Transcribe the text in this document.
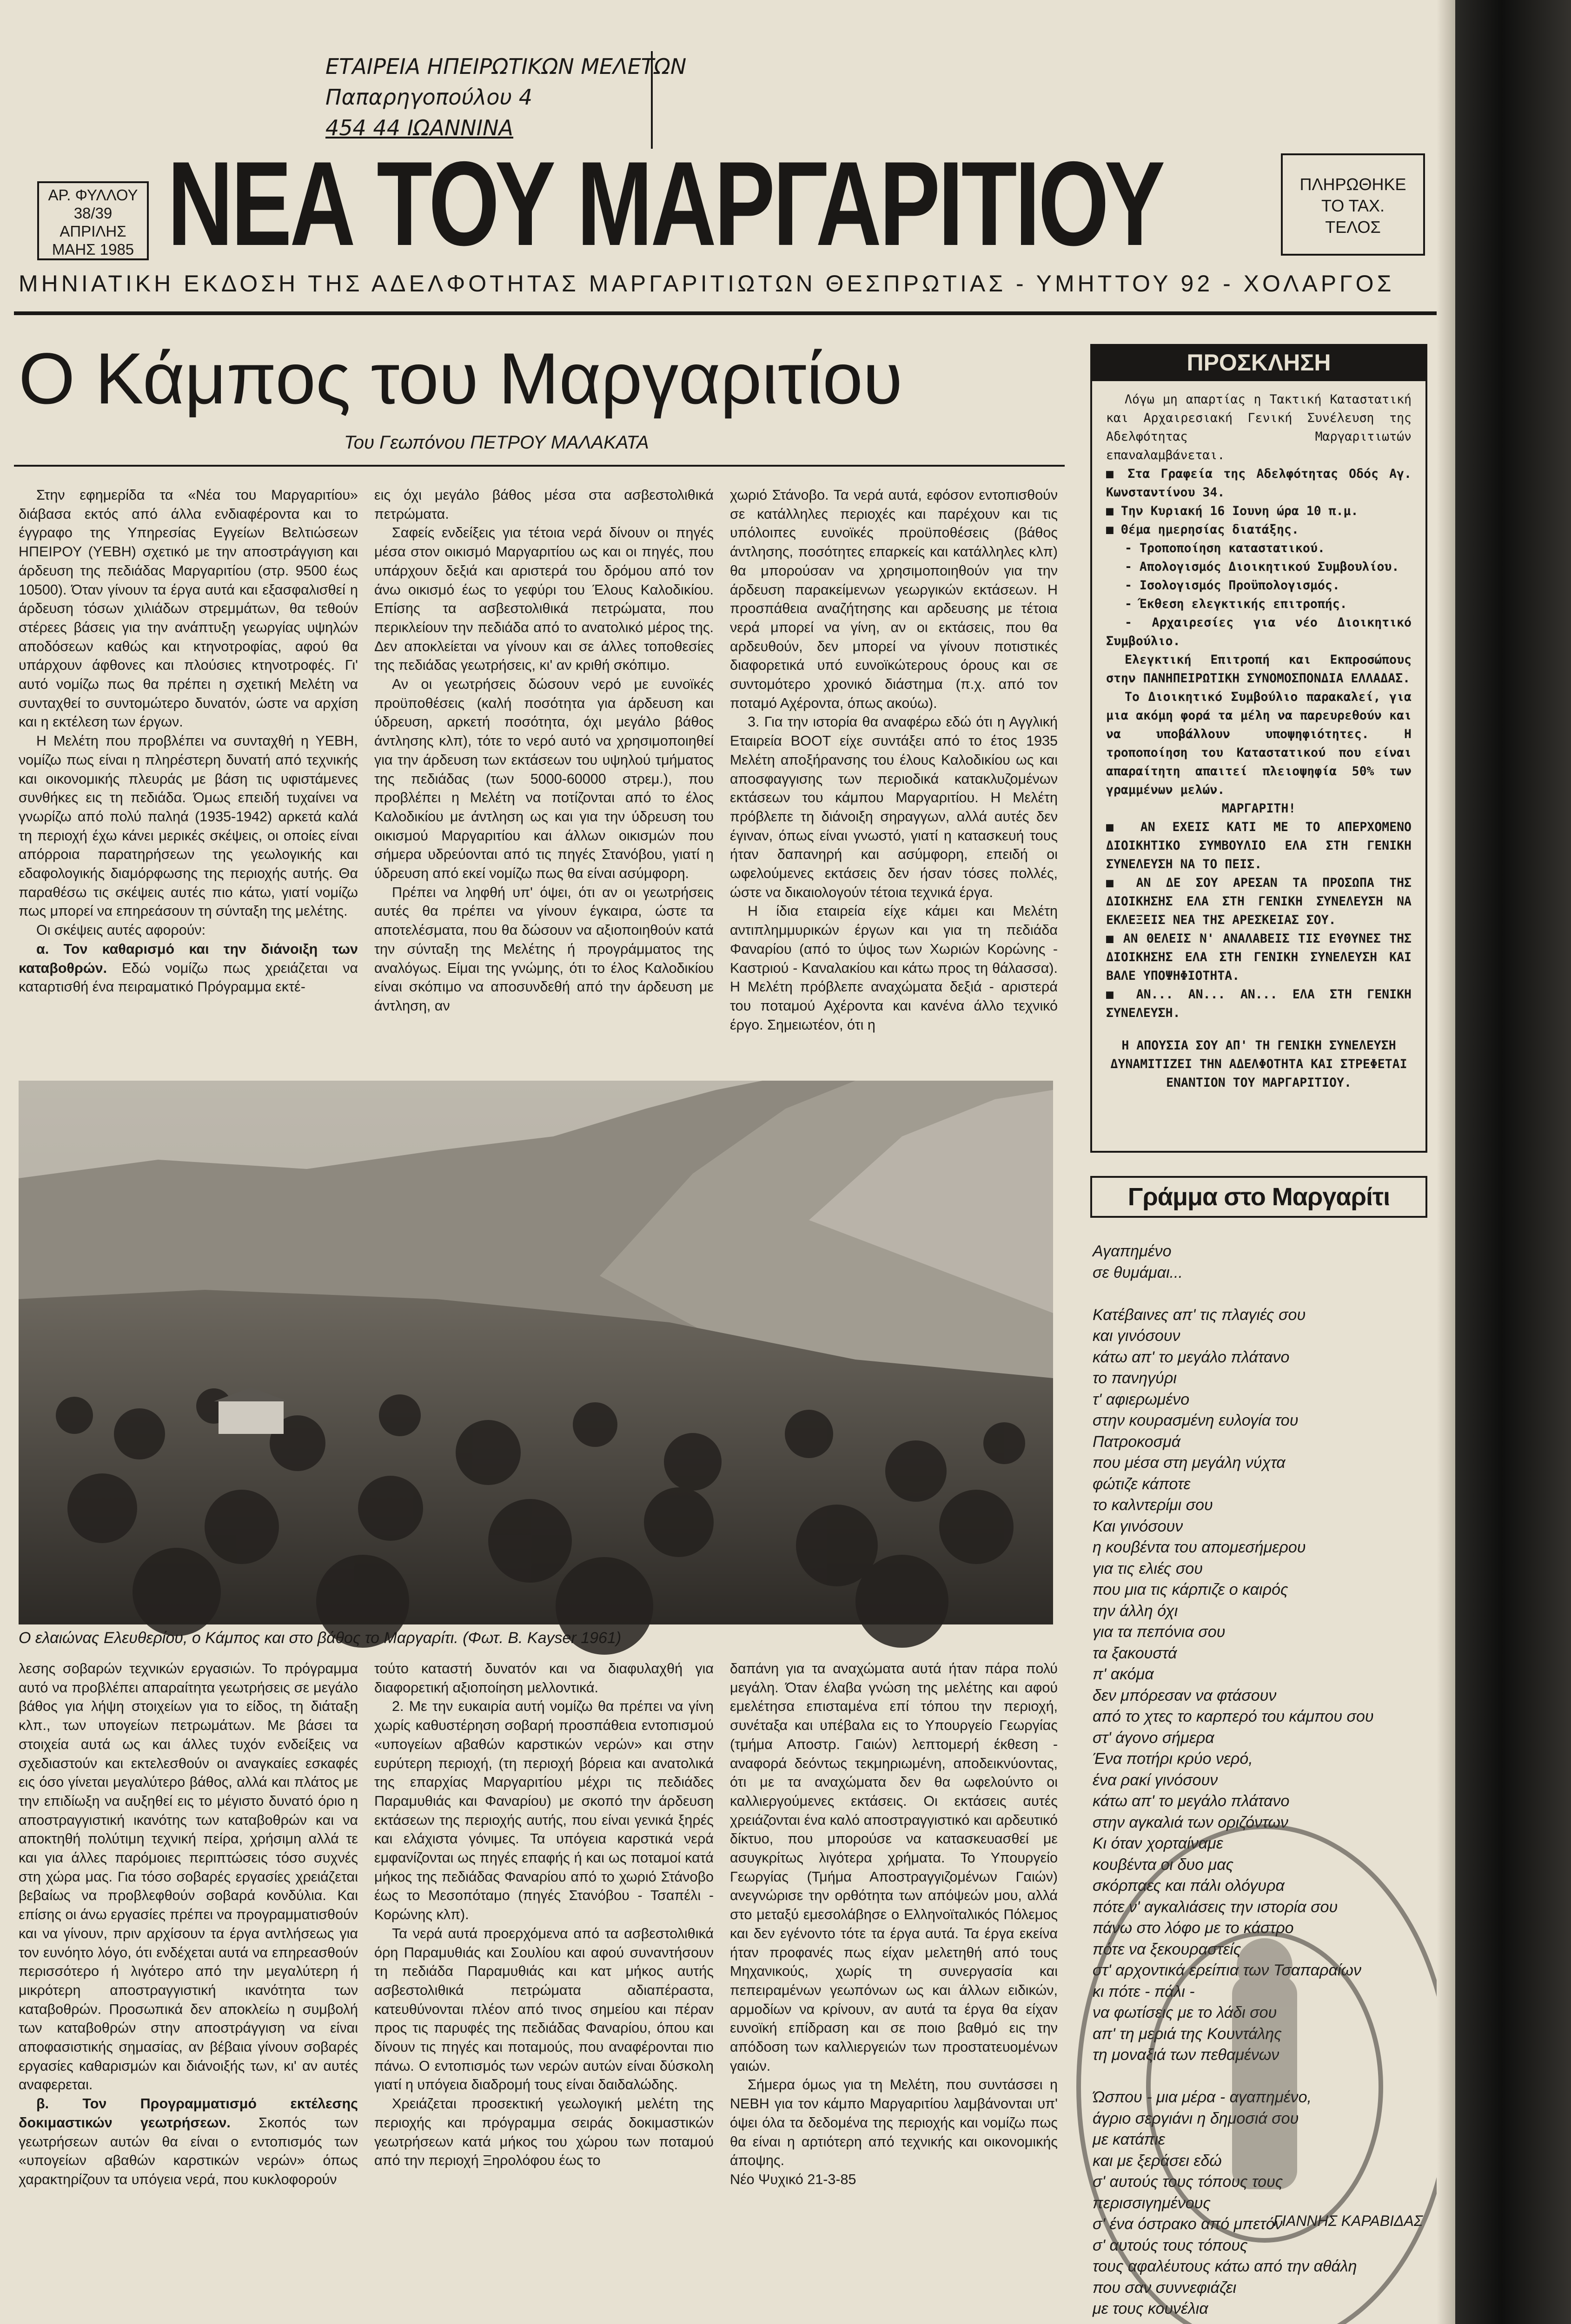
ΕΤΑΙΡΕΙΑ ΗΠΕΙΡΩΤΙΚΩΝ ΜΕΛΕΤΩΝ
Παπαρηγοπούλου 4
454 44 ΙΩΑΝΝΙΝΑ
ΑΡ. ΦΥΛΛΟΥ
38/39
ΑΠΡΙΛΗΣ
ΜΑΗΣ 1985 ΝΕΑ ΤΟΥ ΜΑΡΓΑΡΙΤΙΟΥ	ΠΛΗΡΩΘΗΚΕ
ΤΟ ΤΑΧ.
ΤΕΛΟΣ
ΜΗΝΙΑΤΙΚΗ ΕΚΔΟΣΗ ΤΗΣ ΑΔΕΛΦΟΤΗΤΑΣ ΜΑΡΓΑΡΙΤΙΩΤΩΝ ΘΕΣΠΡΩΤΙΑΣ - ΥΜΗΤΤΟΥ 92 - ΧΟΛΑΡΓΟΣ
Ο Κάμπος του Μαργαριτίου
Του Γεωπόνου ΠΕΤΡΟΥ ΜΑΛΑΚΑΤΑ

Στην εφημερίδα τα «Νέα του Μαργαριτίου» διάβασα εκτός από άλλα ενδιαφέροντα και το έγγραφο της Υπηρεσίας Εγγείων Βελτιώσεων ΗΠΕΙΡΟΥ (ΥΕΒΗ) σχετικό με την αποστράγγιση και άρδευση της πεδιάδας Μαργαριτίου (στρ. 9500 έως 10500). Όταν γίνουν τα έργα αυτά και εξασφαλισθεί η άρδευση τόσων χιλιάδων στρεμμάτων, θα τεθούν στέρεες βάσεις για την ανάπτυξη γεωργίας υψηλών αποδόσεων καθώς και κτηνοτροφίας, αφού θα υπάρχουν άφθονες και πλούσιες κτηνοτροφές. Γι' αυτό νομίζω πως θα πρέπει η σχετική Μελέτη να συνταχθεί το συντομώτερο δυνατόν, ώστε να αρχίση και η εκτέλεση των έργων.

Η Μελέτη που προβλέπει να συνταχθή η ΥΕΒΗ, νομίζω πως είναι η πληρέστερη δυνατή από τεχνικής και οικονομικής πλευράς με βάση τις υφιστάμενες συνθήκες εις τη πεδιάδα. Όμως επειδή τυχαίνει να γνωρίζω από πολύ παληά (1935-1942) αρκετά καλά τη περιοχή έχω κάνει μερικές σκέψεις, οι οποίες είναι απόρροια παρατηρήσεων της γεωλογικής και εδαφολογικής διαμόρφωσης της περιοχής αυτής. Θα παραθέσω τις σκέψεις αυτές πιο κάτω, γιατί νομίζω πως μπορεί να επηρεάσουν τη σύνταξη της μελέτης.

Οι σκέψεις αυτές αφορούν:

α. Τον καθαρισμό και την διάνοιξη των καταβοθρών. Εδώ νομίζω πως χρειάζεται να καταρτισθή ένα πειραματικό Πρόγραμμα εκτέ-

εις όχι μεγάλο βάθος μέσα στα ασβεστολιθικά πετρώματα.

Σαφείς ενδείξεις για τέτοια νερά δίνουν οι πηγές μέσα στον οικισμό Μαργαριτίου ως και οι πηγές, που υπάρχουν δεξιά και αριστερά του δρόμου από τον άνω οικισμό έως το γεφύρι του Έλους Καλοδικίου. Επίσης τα ασβεστολιθικά πετρώματα, που περικλείουν την πεδιάδα από το ανατολικό μέρος της. Δεν αποκλείεται να γίνουν και σε άλλες τοποθεσίες της πεδιάδας γεωτρήσεις, κι' αν κριθή σκόπιμο.

Αν οι γεωτρήσεις δώσουν νερό με ευνοϊκές προϋποθέσεις (καλή ποσότητα για άρδευση και ύδρευση, αρκετή ποσότητα, όχι μεγάλο βάθος άντλησης κλπ), τότε το νερό αυτό να χρησιμοποιηθεί για την άρδευση των εκτάσεων του υψηλού τμήματος της πεδιάδας (των 5000-60000 στρεμ.), που προβλέπει η Μελέτη να ποτίζονται από το έλος Καλοδικίου με άντληση ως και για την ύδρευση του οικισμού Μαργαριτίου και άλλων οικισμών που σήμερα υδρεύονται από τις πηγές Στανόβου, γιατί η ύδρευση από εκεί νομίζω πως θα είναι ασύμφορη.

Πρέπει να ληφθή υπ' όψει, ότι αν οι γεωτρήσεις αυτές θα πρέπει να γίνουν έγκαιρα, ώστε τα αποτελέσματα, που θα δώσουν να αξιοποιηθούν κατά την σύνταξη της Μελέτης ή προγράμματος της αναλόγως. Είμαι της γνώμης, ότι το έλος Καλοδικίου είναι σκόπιμο να αποσυνδεθή από την άρδευση με άντληση, αν

χωριό Στάνοβο. Τα νερά αυτά, εφόσον εντοπισθούν σε κατάλληλες περιοχές και παρέχουν και τις υπόλοιπες ευνοϊκές προϋποθέσεις (βάθος άντλησης, ποσότητες επαρκείς και κατάλληλες κλπ) θα μπορούσαν να χρησιμοποιηθούν για την άρδευση παρακείμενων γεωργικών εκτάσεων. Η προσπάθεια αναζήτησης και αρδευσης με τέτοια νερά μπορεί να γίνη, αν οι εκτάσεις, που θα αρδευθούν, δεν μπορεί να γίνουν ποτιστικές διαφορετικά υπό ευνοϊκώτερους όρους και σε συντομότερο χρονικό διάστημα (π.χ. από τον ποταμό Αχέροντα, όπως ακούω).

3. Για την ιστορία θα αναφέρω εδώ ότι η Αγγλική Εταιρεία ΒΟΟΤ είχε συντάξει από το έτος 1935 Μελέτη αποξήρανσης του έλους Καλοδικίου ως και αποσφαγγισης των περιοδικά κατακλυζομένων εκτάσεων του κάμπου Μαργαριτίου. Η Μελέτη πρόβλεπε τη διάνοιξη σηραγγων, αλλά αυτές δεν έγιναν, όπως είναι γνωστό, γιατί η κατασκευή τους ήταν δαπανηρή και ασύμφορη, επειδή οι ωφελούμενες εκτάσεις δεν ήσαν τόσες πολλές, ώστε να δικαιολογούν τέτοια τεχνικά έργα.

Η ίδια εταιρεία είχε κάμει και Μελέτη αντιπλημμυρικών έργων και για τη πεδιάδα Φαναρίου (από το ύψος των Χωριών Κορώνης - Καστριού - Καναλακίου και κάτω προς τη θάλασσα). Η Μελέτη πρόβλεπε αναχώματα δεξιά - αριστερά του ποταμού Αχέροντα και κανένα άλλο τεχνικό έργο. Σημειωτέον, ότι η

Ο ελαιώνας Ελευθερίου, ο Κάμπος και στο βάθος το Μαργαρίτι. (Φωτ. Β. Kayser 1961)

λεσης σοβαρών τεχνικών εργασιών. Το πρόγραμμα αυτό να προβλέπει απαραίτητα γεωτρήσεις σε μεγάλο βάθος για λήψη στοιχείων για το είδος, τη διάταξη κλπ., των υπογείων πετρωμάτων. Με βάσει τα στοιχεία αυτά ως και άλλες τυχόν ενδείξεις να σχεδιαστούν και εκτελεσθούν οι αναγκαίες εσκαφές εις όσο γίνεται μεγαλύτερο βάθος, αλλά και πλάτος με την επιδίωξη να αυξηθεί εις το μέγιστο δυνατό όριο η αποστραγγιστική ικανότης των καταβοθρών και να αποκτηθή πολύτιμη τεχνική πείρα, χρήσιμη αλλά τε και για άλλες παρόμοιες περιπτώσεις τόσο συχνές στη χώρα μας. Για τόσο σοβαρές εργασίες χρειάζεται βεβαίως να προβλεφθούν σοβαρά κονδύλια. Και επίσης οι άνω εργασίες πρέπει να προγραμματισθούν και να γίνουν, πριν αρχίσουν τα έργα αντλήσεως για τον ευνόητο λόγο, ότι ενδέχεται αυτά να επηρεασθούν περισσότερο ή λιγότερο από την μεγαλύτερη ή μικρότερη αποστραγγιστική ικανότητα των καταβοθρών. Προσωπικά δεν αποκλείω η συμβολή των καταβοθρών στην αποστράγγιση να είναι αποφασιστικής σημασίας, αν βέβαια γίνουν σοβαρές εργασίες καθαρισμών και διάνοιξής των, κι' αν αυτές αναφερεται.

β. Τον Προγραμματισμό εκτέλεσης δοκιμαστικών γεωτρήσεων. Σκοπός των γεωτρήσεων αυτών θα είναι ο εντοπισμός των «υπογείων αβαθών καρστικών νερών» όπως χαρακτηρίζουν τα υπόγεια νερά, που κυκλοφορούν

τούτο καταστή δυνατόν και να διαφυλαχθή για διαφορετική αξιοποίηση μελλοντικά.

2. Με την ευκαιρία αυτή νομίζω θα πρέπει να γίνη χωρίς καθυστέρηση σοβαρή προσπάθεια εντοπισμού «υπογείων αβαθών καρστικών νερών» και στην ευρύτερη περιοχή, (τη περιοχή βόρεια και ανατολικά της επαρχίας Μαργαριτίου μέχρι τις πεδιάδες Παραμυθιάς και Φαναρίου) με σκοπό την άρδευση εκτάσεων της περιοχής αυτής, που είναι γενικά ξηρές και ελάχιστα γόνιμες. Τα υπόγεια καρστικά νερά εμφανίζονται ως πηγές επαφής ή και ως ποταμοί κατά μήκος της πεδιάδας Φαναρίου από το χωριό Στάνοβο έως το Μεσοπόταμο (πηγές Στανόβου - Τσαπέλι - Κορώνης κλπ).

Τα νερά αυτά προερχόμενα από τα ασβεστολιθικά όρη Παραμυθιάς και Σουλίου και αφού συναντήσουν τη πεδιάδα Παραμυθιάς και κατ μήκος αυτής ασβεστολιθικά πετρώματα αδιαπέραστα, κατευθύνονται πλέον από τινος σημείου και πέραν προς τις παρυφές της πεδιάδας Φαναρίου, όπου και δίνουν τις πηγές και ποταμούς, που αναφέρονται πιο πάνω. Ο εντοπισμός των νερών αυτών είναι δύσκολη γιατί η υπόγεια διαδρομή τους είναι δαιδαλώδης.

Χρειάζεται προσεκτική γεωλογική μελέτη της περιοχής και πρόγραμμα σειράς δοκιμαστικών γεωτρήσεων κατά μήκος του χώρου των ποταμού από την περιοχή Ξηρολόφου έως το

δαπάνη για τα αναχώματα αυτά ήταν πάρα πολύ μεγάλη. Όταν έλαβα γνώση της μελέτης και αφού εμελέτησα επισταμένα επί τόπου την περιοχή, συνέταξα και υπέβαλα εις το Υπουργείο Γεωργίας (τμήμα Αποστρ. Γαιών) λεπτομερή έκθεση - αναφορά δεόντως τεκμηριωμένη, αποδεικνύοντας, ότι με τα αναχώματα δεν θα ωφελούντο οι καλλιεργούμενες εκτάσεις. Οι εκτάσεις αυτές χρειάζονται ένα καλό αποστραγγιστικό και αρδευτικό δίκτυο, που μπορούσε να κατασκευασθεί με ασυγκρίτως λιγότερα χρήματα. Το Υπουργείο Γεωργίας (Τμήμα Αποστραγγιζομένων Γαιών) ανεγνώρισε την ορθότητα των απόψεών μου, αλλά στο μεταξύ εμεσολάβησε ο Ελληνοϊταλικός Πόλεμος και δεν εγένοντο τότε τα έργα αυτά. Τα έργα εκείνα ήταν προφανές πως είχαν μελετηθή από τους Μηχανικούς, χωρίς τη συνεργασία και πεπειραμένων γεωπόνων ως και άλλων ειδικών, αρμοδίων να κρίνουν, αν αυτά τα έργα θα είχαν ευνοϊκή επίδραση και σε ποιο βαθμό εις την απόδοση των καλλιεργειών των προστατευομένων γαιών.

Σήμερα όμως για τη Μελέτη, που συντάσσει η ΝΕΒΗ για τον κάμπο Μαργαριτίου λαμβάνονται υπ' όψει όλα τα δεδομένα της περιοχής και νομίζω πως θα είναι η αρτιότερη από τεχνικής και οικονομικής άποψης.

Νέο Ψυχικό 21-3-85

ΠΡΟΣΚΛΗΣΗ

Λόγω μη απαρτίας η Τακτική Καταστατική και Αρχαιρεσιακή Γενική Συνέλευση της Αδελφότητας Μαργαριτιωτών επαναλαμβάνεται.

■ Στα Γραφεία της Αδελφότητας Οδός Αγ. Κωνσταντίνου 34.

■ Την Κυριακή 16 Ιουνη ώρα 10 π.μ.

■ Θέμα ημερησίας διατάξης.

- Τροποποίηση καταστατικού.

- Απολογισμός Διοικητικού Συμβουλίου.

- Ισολογισμός Προϋπολογισμός.

- Έκθεση ελεγκτικής επιτροπής.

- Αρχαιρεσίες για νέο Διοικητικό Συμβούλιο.

Ελεγκτική Επιτροπή και Εκπροσώπους στην ΠΑΝΗΠΕΙΡΩΤΙΚΗ ΣΥΝΟΜΟΣΠΟΝΔΙΑ ΕΛΛΑΔΑΣ.

Το Διοικητικό Συμβούλιο παρακαλεί, για μια ακόμη φορά τα μέλη να παρευρεθούν και να υποβάλλουν υποψηφιότητες. Η τροποποίηση του Καταστατικού που είναι απαραίτητη απαιτεί πλειοψηφία 50% των γραμμένων μελών.

ΜΑΡΓΑΡΙΤΗ!

■ ΑΝ ΕΧΕΙΣ ΚΑΤΙ ΜΕ ΤΟ ΑΠΕΡΧΟΜΕΝΟ ΔΙΟΙΚΗΤΙΚΟ ΣΥΜΒΟΥΛΙΟ ΕΛΑ ΣΤΗ ΓΕΝΙΚΗ ΣΥΝΕΛΕΥΣΗ ΝΑ ΤΟ ΠΕΙΣ.

■ ΑΝ ΔΕ ΣΟΥ ΑΡΕΣΑΝ ΤΑ ΠΡΟΣΩΠΑ ΤΗΣ ΔΙΟΙΚΗΣΗΣ ΕΛΑ ΣΤΗ ΓΕΝΙΚΗ ΣΥΝΕΛΕΥΣΗ ΝΑ ΕΚΛΕΞΕΙΣ ΝΕΑ ΤΗΣ ΑΡΕΣΚΕΙΑΣ ΣΟΥ.

■ ΑΝ ΘΕΛΕΙΣ Ν' ΑΝΑΛΑΒΕΙΣ ΤΙΣ ΕΥΘΥΝΕΣ ΤΗΣ ΔΙΟΙΚΗΣΗΣ ΕΛΑ ΣΤΗ ΓΕΝΙΚΗ ΣΥΝΕΛΕΥΣΗ ΚΑΙ ΒΑΛΕ ΥΠΟΨΗΦΙΟΤΗΤΑ.

■ ΑΝ... ΑΝ... ΑΝ... ΕΛΑ ΣΤΗ ΓΕΝΙΚΗ ΣΥΝΕΛΕΥΣΗ.

Η ΑΠΟΥΣΙΑ ΣΟΥ ΑΠ' ΤΗ ΓΕΝΙΚΗ ΣΥΝΕΛΕΥΣΗ ΔΥΝΑΜΙΤΙΖΕΙ ΤΗΝ ΑΔΕΛΦΟΤΗΤΑ ΚΑΙ ΣΤΡΕΦΕΤΑΙ ΕΝΑΝΤΙΟΝ ΤΟΥ ΜΑΡΓΑΡΙΤΙΟΥ.

Γράμμα στο Μαργαρίτι
Αγαπημένο
σε θυμάμαι...

Κατέβαινες απ' τις πλαγιές σου
και γινόσουν
κάτω απ' το μεγάλο πλάτανο
το πανηγύρι
τ' αφιερωμένο
στην κουρασμένη ευλογία του
Πατροκοσμά
που μέσα στη μεγάλη νύχτα
φώτιζε κάποτε
το καλντερίμι σου
Και γινόσουν
η κουβέντα του απομεσήμερου
για τις ελιές σου
που μια τις κάρπιζε ο καιρός
την άλλη όχι
για τα πεπόνια σου
τα ξακουστά
π' ακόμα
δεν μπόρεσαν να φτάσουν
από το χτες το καρπερό του κάμπου σου
στ' άγονο σήμερα
Ένα ποτήρι κρύο νερό,
ένα ρακί γινόσουν
κάτω απ' το μεγάλο πλάτανο
στην αγκαλιά των οριζόντων
Κι όταν χορταίναμε
κουβέντα οι δυο μας
σκόρπαες και πάλι ολόγυρα
πότε ν' αγκαλιάσεις την ιστορία σου
πάνω στο λόφο με το κάστρο
πότε να ξεκουραστείς
στ' αρχοντικά ερείπια των Τσαπαραίων
κι πότε - πάλι -
να φωτίσεις με το λάδι σου
απ' τη μεριά της Κουντάλης
τη μοναξιά των πεθαμένων

Ώσπου - μια μέρα - αγαπημένο,
άγριο σεργιάνι η δημοσιά σου
με κατάπιε
και με ξεράσει εδώ
σ' αυτούς τους τόπους τους
περισσιγημένους
σ' ένα όστρακο από μπετόν
σ' αυτούς τους τόπους
τους αφαλέυτους κάτω από την αθάλη
που σαν συννεφιάζει
με τους κουνέλια
ΓΙΑΝΝΗΣ ΚΑΡΑΒΙΔΑΣ
